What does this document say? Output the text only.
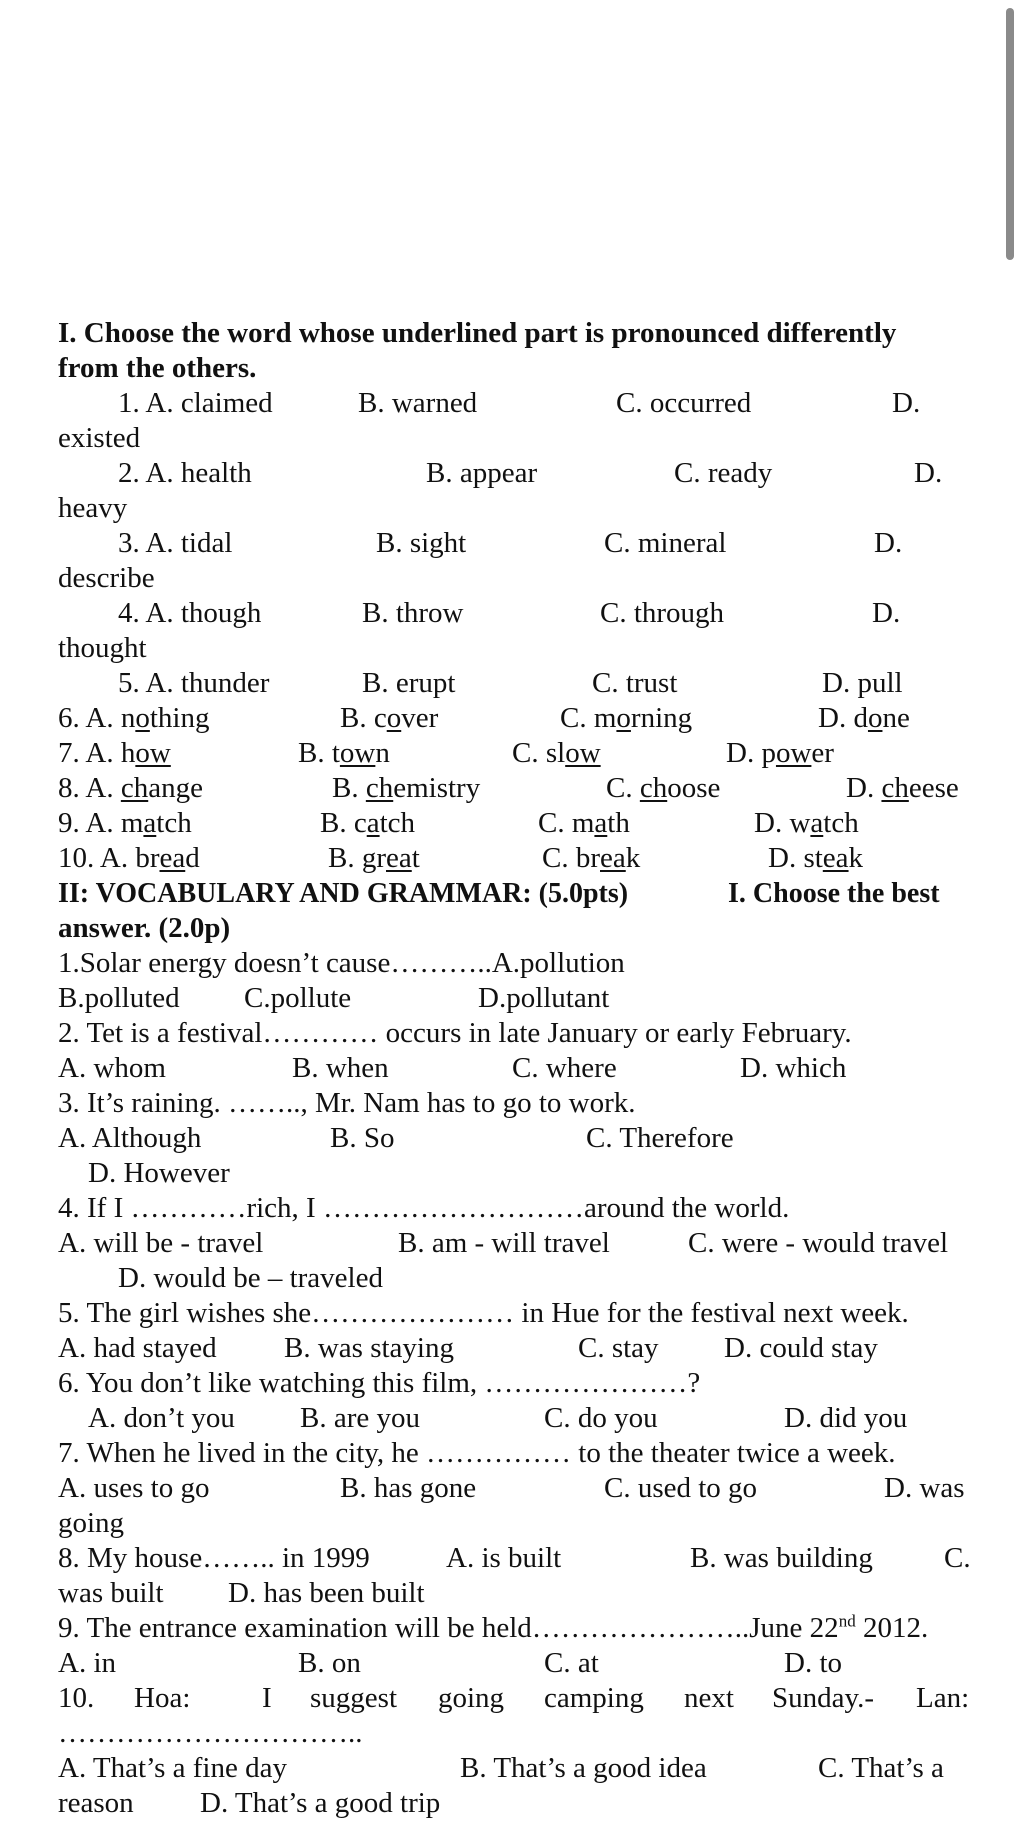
I. Choose the word whose underlined part is pronounced differently
from the others.
1. A. claimed	B. warned	C. occurred	D.
existed
2. A. health	B. appear	C. ready	D.
heavy
3. A. tidal	B. sight	C. mineral	D.
describe
4. A. though	B. throw	C. through	D.
thought
5. A. thunder	B. erupt	C. trust	D. pull
6. A. nothing	B. cover	C. morning	D. done
7. A. how	B. town	C. slow	D. power
8. A. change	B. chemistry	C. choose	D. cheese
9. A. match	B. catch	C. math	D. watch
10. A. bread	B. great	C. break	D. steak
II: VOCABULARY AND GRAMMAR: (5.0pts)	I. Choose the best
answer. (2.0p)
1.Solar energy doesn’t cause………..A.pollution
B.polluted C.pollute	D.pollutant
2. Tet is a festival………… occurs in late January or early February.
A. whom	B. when	C. where	D. which
3. It’s raining. …….., Mr. Nam has to go to work.
A. Although	B. So	C. Therefore
D. However
4. If I …………rich, I ………………………around the world.
A. will be - travel	B. am - will travel	C. were - would travel
D. would be – traveled
5. The girl wishes she………………… in Hue for the festival next week.
A. had stayed B. was staying	C. stay D. could stay
6. You don’t like watching this film, …………………?
A. don’t you B. are you	C. do you	D. did you
7. When he lived in the city, he …………… to the theater twice a week.
A. uses to go	B. has gone	C. used to go	D. was
going
8. My house…….. in 1999	A. is built	B. was building C.
was built D. has been built
9. The entrance examination will be held…………………..June 22nd 2012.
A. in	B. on	C. at	D. to
10. Hoa: I suggest going camping next Sunday.- Lan:
…………………………..
A. That’s a fine day	B. That’s a good idea	C. That’s a
reason D. That’s a good trip
